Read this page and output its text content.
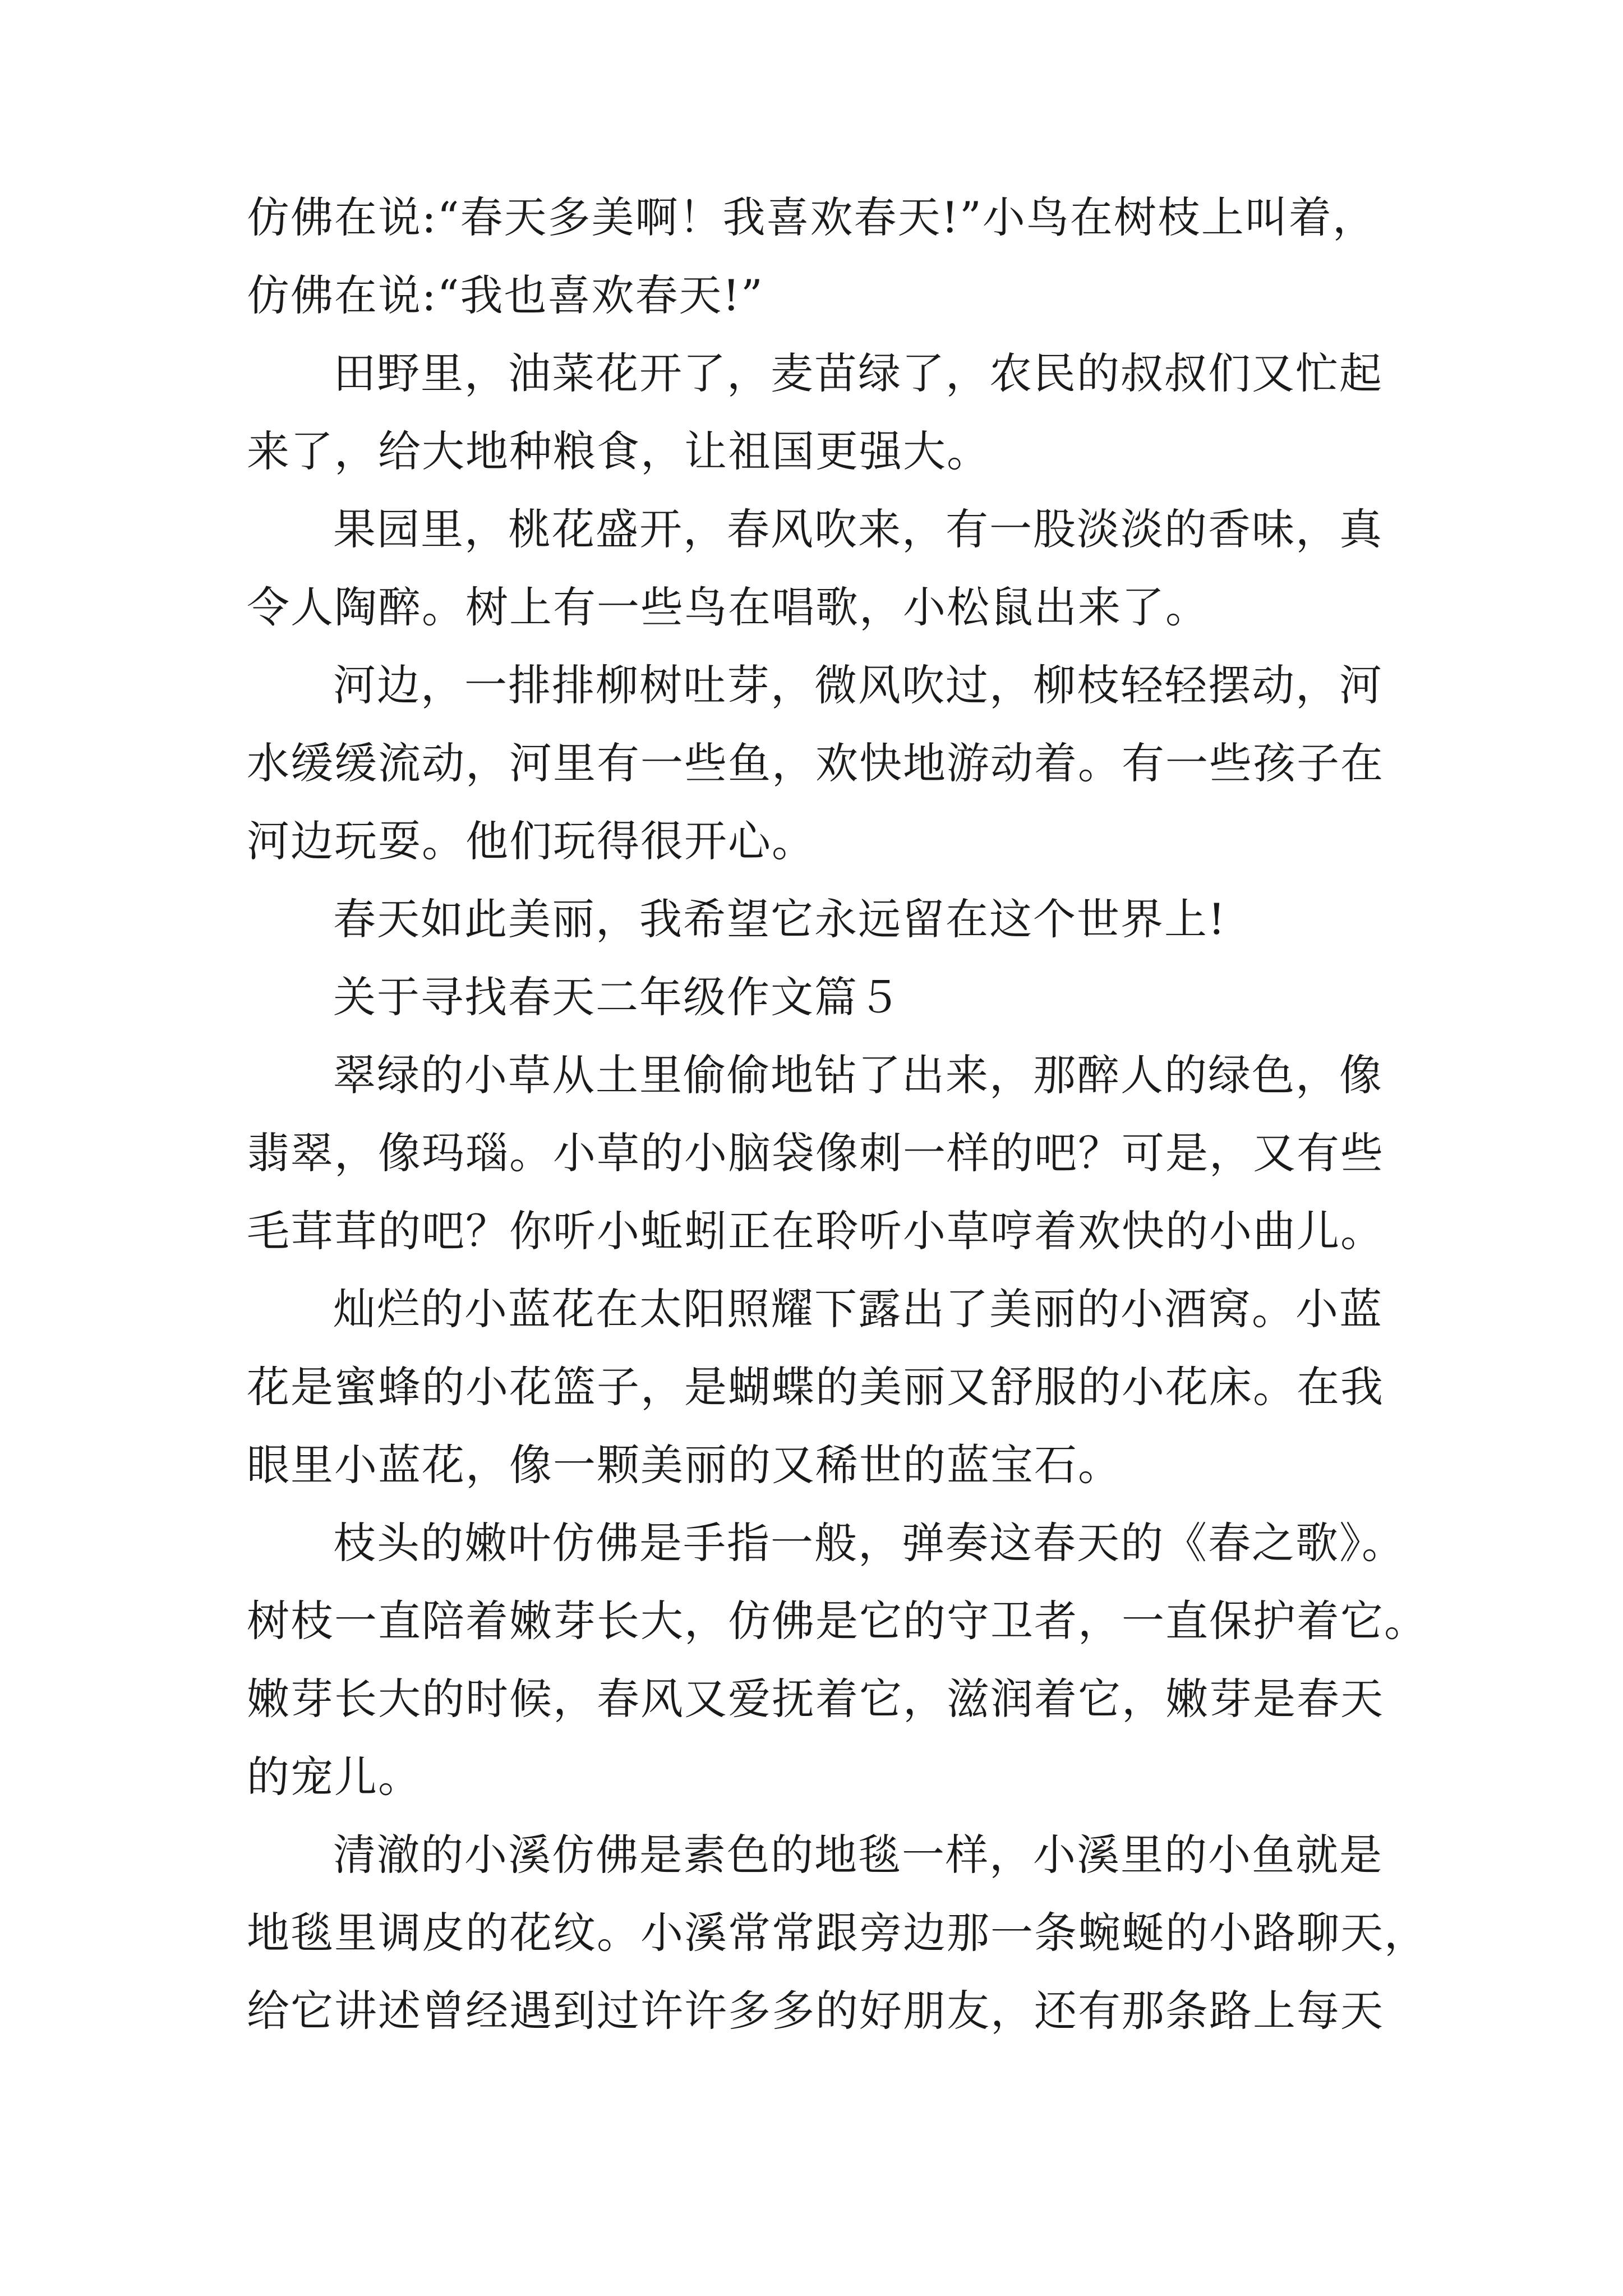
仿佛在说:“春天多美啊！我喜欢春天!”小鸟在树枝上叫着，
仿佛在说:“我也喜欢春天!”
田野里，油菜花开了，麦苗绿了，农民的叔叔们又忙起
来了，给大地种粮食，让祖国更强大。
果园里，桃花盛开，春风吹来，有一股淡淡的香味，真
令人陶醉。树上有一些鸟在唱歌，小松鼠出来了。
河边，一排排柳树吐芽，微风吹过，柳枝轻轻摆动，河
水缓缓流动，河里有一些鱼，欢快地游动着。有一些孩子在
河边玩耍。他们玩得很开心。
春天如此美丽，我希望它永远留在这个世界上!
关于寻找春天二年级作文篇５
翠绿的小草从土里偷偷地钻了出来，那醉人的绿色，像
翡翠，像玛瑙。小草的小脑袋像刺一样的吧？可是，又有些
毛茸茸的吧？你听小蚯蚓正在聆听小草哼着欢快的小曲儿。
灿烂的小蓝花在太阳照耀下露出了美丽的小酒窝。小蓝
花是蜜蜂的小花篮子，是蝴蝶的美丽又舒服的小花床。在我
眼里小蓝花，像一颗美丽的又稀世的蓝宝石。
枝头的嫩叶仿佛是手指一般，弹奏这春天的《春之歌》。
树枝一直陪着嫩芽长大，仿佛是它的守卫者，一直保护着它。
嫩芽长大的时候，春风又爱抚着它，滋润着它，嫩芽是春天
的宠儿。
清澈的小溪仿佛是素色的地毯一样，小溪里的小鱼就是
地毯里调皮的花纹。小溪常常跟旁边那一条蜿蜒的小路聊天，
给它讲述曾经遇到过许许多多的好朋友，还有那条路上每天
